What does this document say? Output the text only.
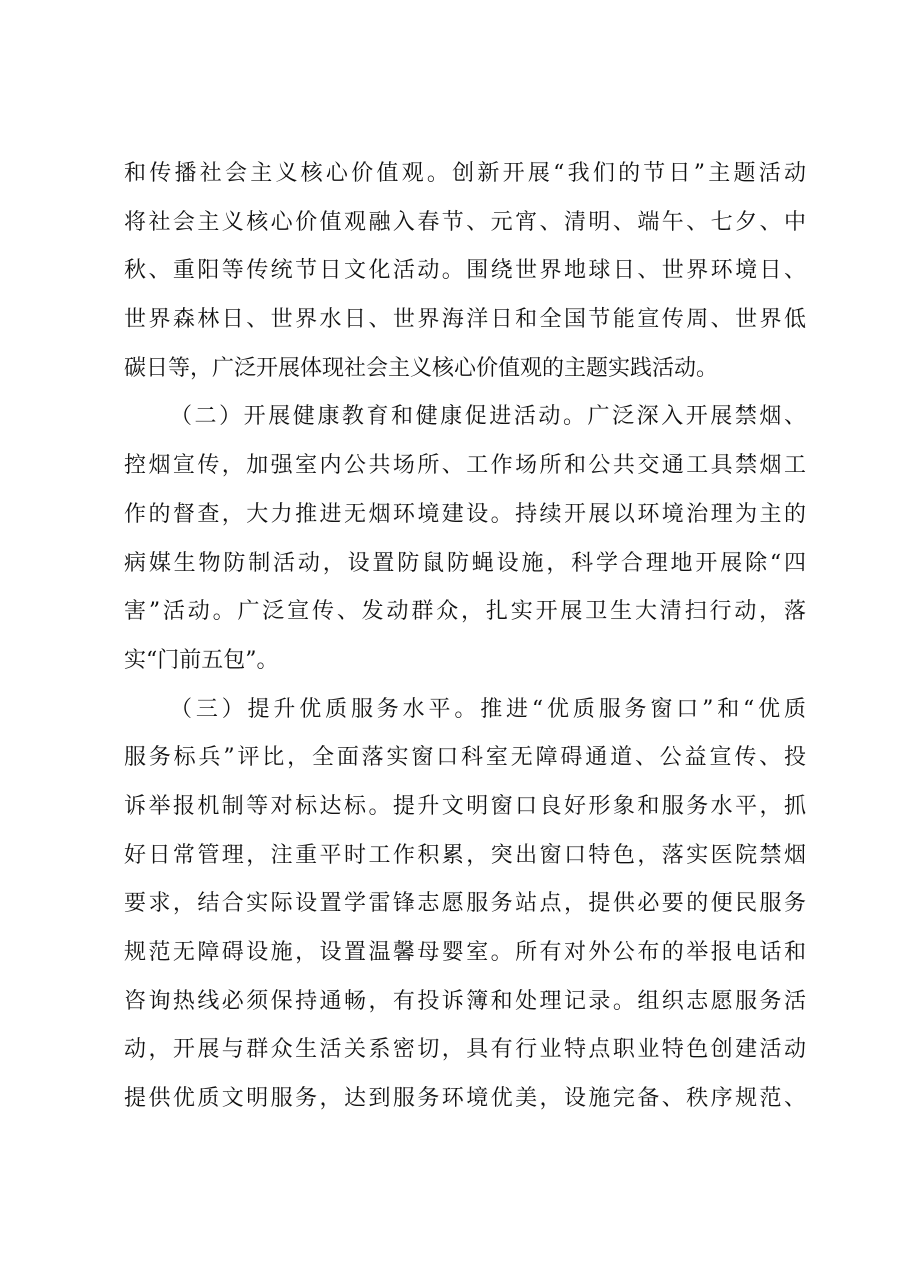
和传播社会主义核心价值观。创新开展“我们的节日”主题活动
将社会主义核心价值观融入春节、元宵、清明、端午、七夕、中
秋、重阳等传统节日文化活动。围绕世界地球日、世界环境日、
世界森林日、世界水日、世界海洋日和全国节能宣传周、世界低
碳日等，广泛开展体现社会主义核心价值观的主题实践活动。
（二）开展健康教育和健康促进活动。广泛深入开展禁烟、
控烟宣传，加强室内公共场所、工作场所和公共交通工具禁烟工
作的督查，大力推进无烟环境建设。持续开展以环境治理为主的
病媒生物防制活动，设置防鼠防蝇设施，科学合理地开展除“四
害”活动。广泛宣传、发动群众，扎实开展卫生大清扫行动，落
实“门前五包”。
（三）提升优质服务水平。推进“优质服务窗口”和“优质
服务标兵”评比，全面落实窗口科室无障碍通道、公益宣传、投
诉举报机制等对标达标。提升文明窗口良好形象和服务水平，抓
好日常管理，注重平时工作积累，突出窗口特色，落实医院禁烟
要求，结合实际设置学雷锋志愿服务站点，提供必要的便民服务
规范无障碍设施，设置温馨母婴室。所有对外公布的举报电话和
咨询热线必须保持通畅，有投诉簿和处理记录。组织志愿服务活
动，开展与群众生活关系密切，具有行业特点职业特色创建活动
提供优质文明服务，达到服务环境优美，设施完备、秩序规范、
